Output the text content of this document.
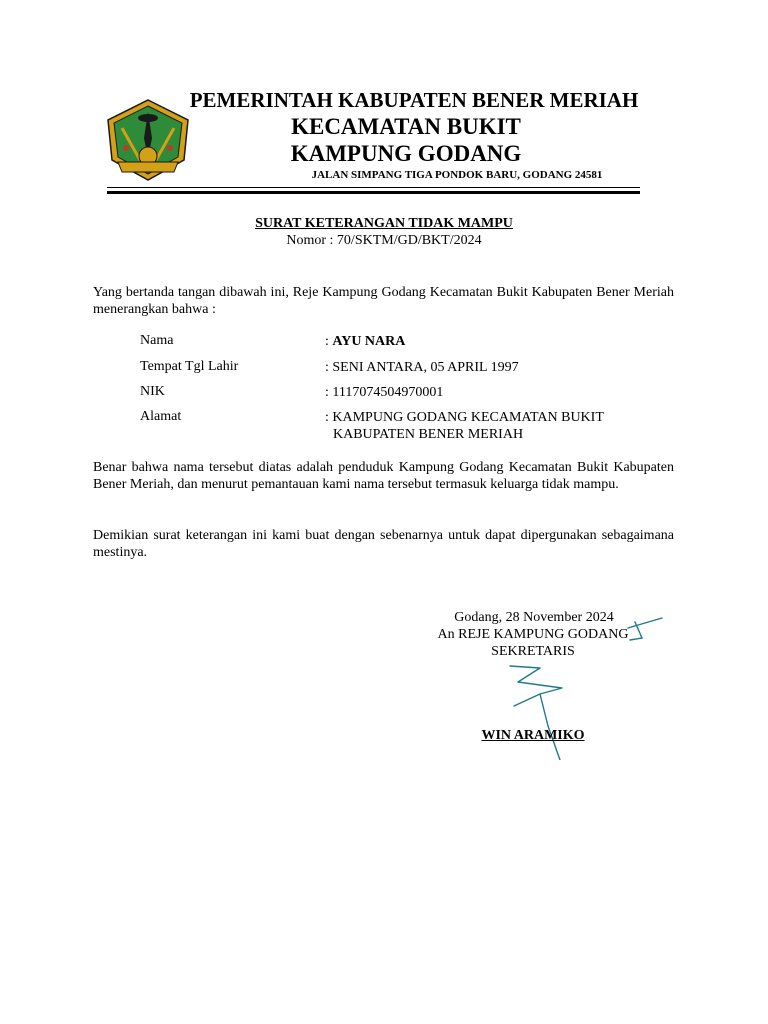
PEMERINTAH KABUPATEN BENER MERIAH
KECAMATAN BUKIT
KAMPUNG GODANG
JALAN SIMPANG TIGA PONDOK BARU, GODANG 24581
SURAT KETERANGAN TIDAK MAMPU
Nomor : 70/SKTM/GD/BKT/2024
Yang bertanda tangan dibawah ini, Reje Kampung Godang Kecamatan Bukit Kabupaten Bener Meriah menerangkan bahwa :
Nama	: AYU NARA
Tempat Tgl Lahir	: SENI ANTARA, 05 APRIL 1997
NIK	: 1117074504970001
Alamat	: KAMPUNG GODANG KECAMATAN BUKIT
KABUPATEN BENER MERIAH
Benar bahwa nama tersebut diatas adalah penduduk Kampung Godang Kecamatan Bukit Kabupaten Bener Meriah, dan menurut pemantauan kami nama tersebut termasuk keluarga tidak mampu.
Demikian surat keterangan ini kami buat dengan sebenarnya untuk dapat dipergunakan sebagaimana mestinya.
Godang, 28 November 2024
An REJE KAMPUNG GODANG
SEKRETARIS
WIN ARAMIKO
